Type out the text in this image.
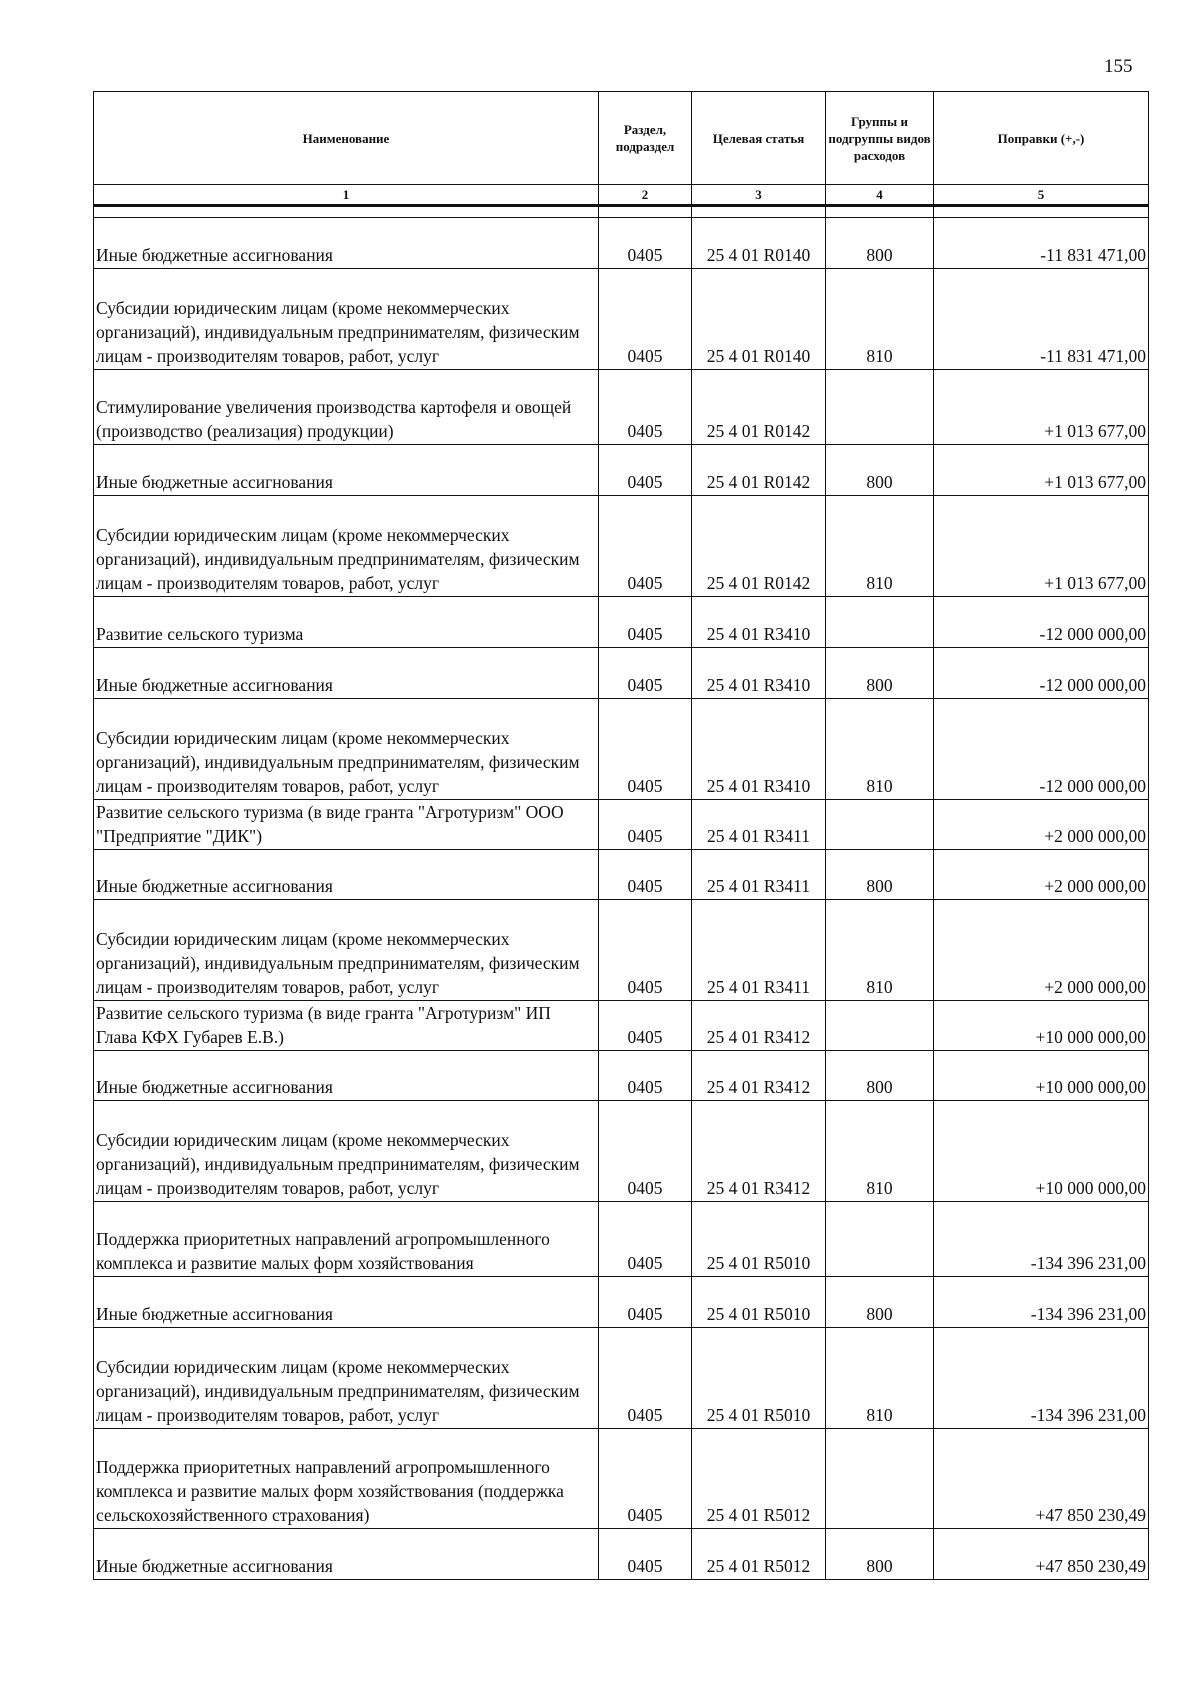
155
Наименование	Раздел, подраздел	Целевая статья	Группы и подгруппы видов расходов	Поправки (+,-)
1	2	3	4	5

Иные бюджетные ассигнования	0405	25 4 01 R0140	800	-11 831 471,00
Субсидии юридическим лицам (кроме некоммерческих организаций), индивидуальным предпринимателям, физическим лицам - производителям товаров, работ, услуг	0405	25 4 01 R0140	810	-11 831 471,00
Стимулирование увеличения производства картофеля и овощей (производство (реализация) продукции)	0405	25 4 01 R0142		+1 013 677,00
Иные бюджетные ассигнования	0405	25 4 01 R0142	800	+1 013 677,00
Субсидии юридическим лицам (кроме некоммерческих организаций), индивидуальным предпринимателям, физическим лицам - производителям товаров, работ, услуг	0405	25 4 01 R0142	810	+1 013 677,00
Развитие сельского туризма	0405	25 4 01 R3410		-12 000 000,00
Иные бюджетные ассигнования	0405	25 4 01 R3410	800	-12 000 000,00
Субсидии юридическим лицам (кроме некоммерческих организаций), индивидуальным предпринимателям, физическим лицам - производителям товаров, работ, услуг	0405	25 4 01 R3410	810	-12 000 000,00
Развитие сельского туризма (в виде гранта "Агротуризм" ООО "Предприятие "ДИК")	0405	25 4 01 R3411		+2 000 000,00
Иные бюджетные ассигнования	0405	25 4 01 R3411	800	+2 000 000,00
Субсидии юридическим лицам (кроме некоммерческих организаций), индивидуальным предпринимателям, физическим лицам - производителям товаров, работ, услуг	0405	25 4 01 R3411	810	+2 000 000,00
Развитие сельского туризма (в виде гранта "Агротуризм" ИП Глава КФХ Губарев Е.В.)	0405	25 4 01 R3412		+10 000 000,00
Иные бюджетные ассигнования	0405	25 4 01 R3412	800	+10 000 000,00
Субсидии юридическим лицам (кроме некоммерческих организаций), индивидуальным предпринимателям, физическим лицам - производителям товаров, работ, услуг	0405	25 4 01 R3412	810	+10 000 000,00
Поддержка приоритетных направлений агропромышленного комплекса и развитие малых форм хозяйствования	0405	25 4 01 R5010		-134 396 231,00
Иные бюджетные ассигнования	0405	25 4 01 R5010	800	-134 396 231,00
Субсидии юридическим лицам (кроме некоммерческих организаций), индивидуальным предпринимателям, физическим лицам - производителям товаров, работ, услуг	0405	25 4 01 R5010	810	-134 396 231,00
Поддержка приоритетных направлений агропромышленного комплекса и развитие малых форм хозяйствования (поддержка сельскохозяйственного страхования)	0405	25 4 01 R5012		+47 850 230,49
Иные бюджетные ассигнования	0405	25 4 01 R5012	800	+47 850 230,49
